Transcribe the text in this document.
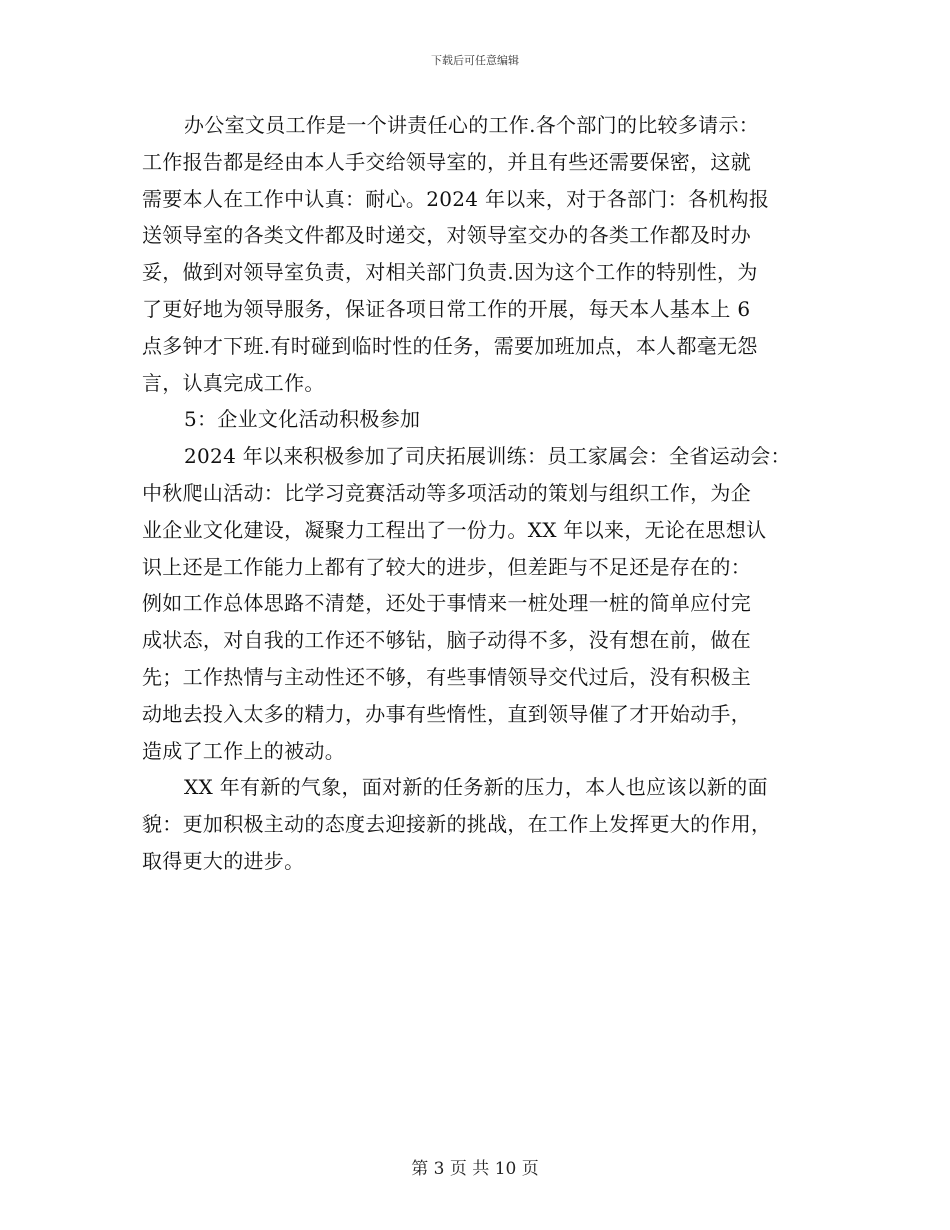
下载后可任意编辑
办公室文员工作是一个讲责任心的工作.各个部门的比较多请示：
工作报告都是经由本人手交给领导室的，并且有些还需要保密，这就
需要本人在工作中认真：耐心。2024 年以来，对于各部门：各机构报
送领导室的各类文件都及时递交，对领导室交办的各类工作都及时办
妥，做到对领导室负责，对相关部门负责.因为这个工作的特别性，为
了更好地为领导服务，保证各项日常工作的开展，每天本人基本上 6
点多钟才下班.有时碰到临时性的任务，需要加班加点，本人都毫无怨
言，认真完成工作。
5：企业文化活动积极参加
2024 年以来积极参加了司庆拓展训练：员工家属会：全省运动会：
中秋爬山活动：比学习竞赛活动等多项活动的策划与组织工作，为企
业企业文化建设，凝聚力工程出了一份力。XX 年以来，无论在思想认
识上还是工作能力上都有了较大的进步，但差距与不足还是存在的：
例如工作总体思路不清楚，还处于事情来一桩处理一桩的简单应付完
成状态，对自我的工作还不够钻，脑子动得不多，没有想在前，做在
先；工作热情与主动性还不够，有些事情领导交代过后，没有积极主
动地去投入太多的精力，办事有些惰性，直到领导催了才开始动手，
造成了工作上的被动。
XX 年有新的气象，面对新的任务新的压力，本人也应该以新的面
貌：更加积极主动的态度去迎接新的挑战，在工作上发挥更大的作用，
取得更大的进步。
第 3 页 共 10 页
